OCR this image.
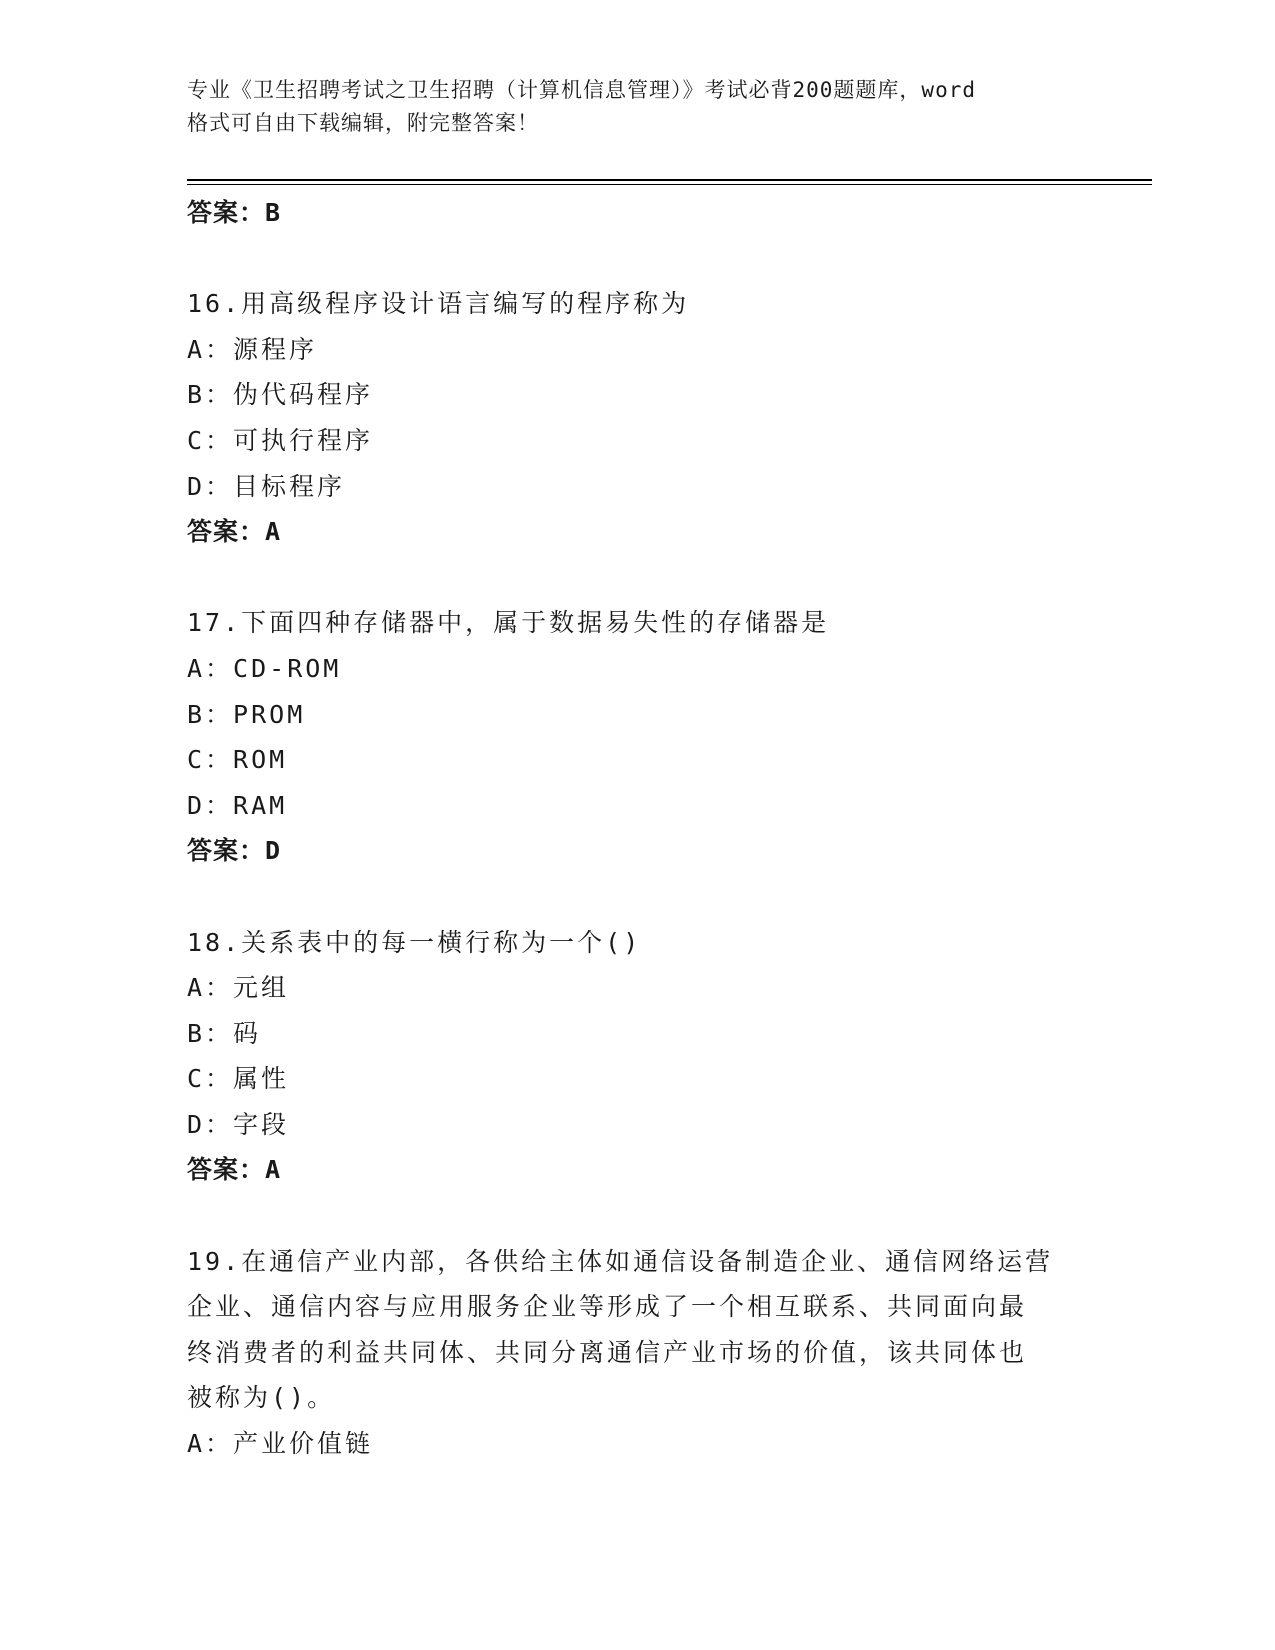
专业《卫生招聘考试之卫生招聘（计算机信息管理）》考试必背200题题库，word
格式可自由下载编辑，附完整答案！
答案：B
16.用高级程序设计语言编写的程序称为
A：源程序
B：伪代码程序
C：可执行程序
D：目标程序
答案：A
17.下面四种存储器中，属于数据易失性的存储器是
A：CD-ROM
B：PROM
C：ROM
D：RAM
答案：D
18.关系表中的每一横行称为一个()
A：元组
B：码
C：属性
D：字段
答案：A
19.在通信产业内部，各供给主体如通信设备制造企业、通信网络运营
企业、通信内容与应用服务企业等形成了一个相互联系、共同面向最
终消费者的利益共同体、共同分离通信产业市场的价值，该共同体也
被称为()。
A：产业价值链
